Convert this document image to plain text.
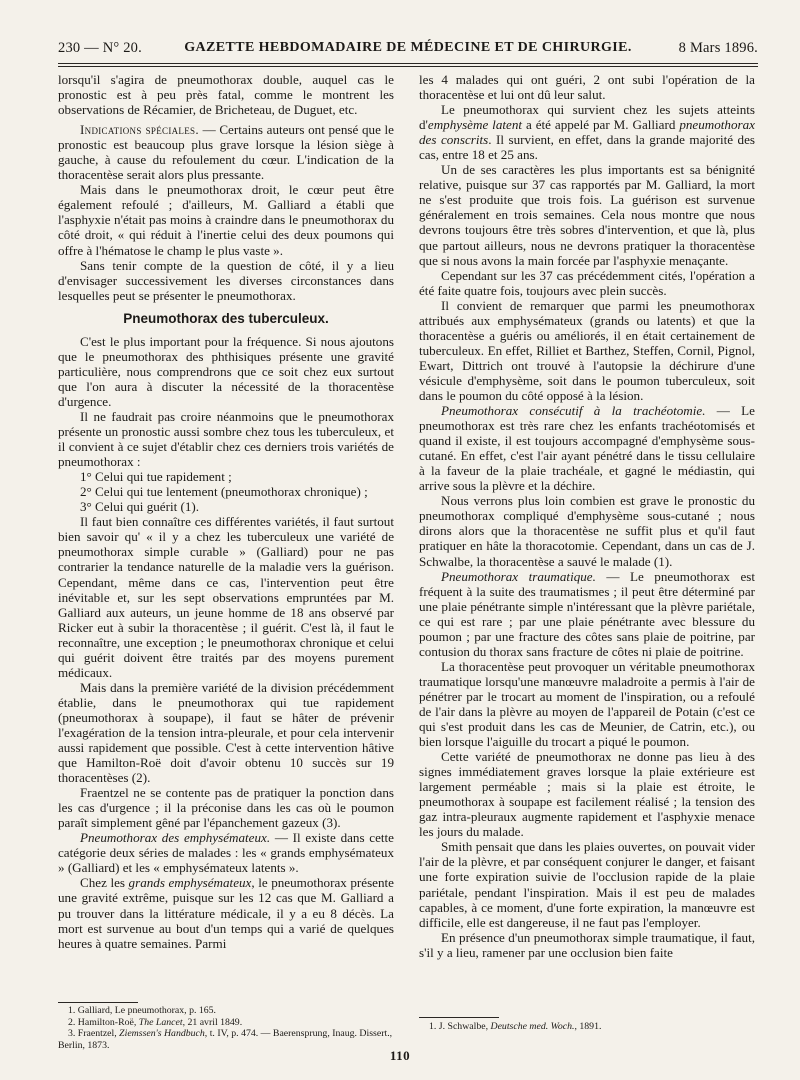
230 — N° 20.	GAZETTE HEBDOMADAIRE DE MÉDECINE ET DE CHIRURGIE.	8 Mars 1896.

lorsqu'il s'agira de pneumothorax double, auquel cas le pronostic est à peu près fatal, comme le montrent les observations de Récamier, de Bricheteau, de Duguet, etc.

Indications spéciales. — Certains auteurs ont pensé que le pronostic est beaucoup plus grave lorsque la lésion siège à gauche, à cause du refoulement du cœur. L'indication de la thoracentèse serait alors plus pressante.

Mais dans le pneumothorax droit, le cœur peut être également refoulé ; d'ailleurs, M. Galliard a établi que l'asphyxie n'était pas moins à craindre dans le pneumothorax du côté droit, « qui réduit à l'inertie celui des deux poumons qui offre à l'hématose le champ le plus vaste ».

Sans tenir compte de la question de côté, il y a lieu d'envisager successivement les diverses circonstances dans lesquelles peut se présenter le pneumothorax.

Pneumothorax des tuberculeux.

C'est le plus important pour la fréquence. Si nous ajoutons que le pneumothorax des phthisiques présente une gravité particulière, nous comprendrons que ce soit chez eux surtout que l'on aura à discuter la nécessité de la thoracentèse d'urgence.

Il ne faudrait pas croire néanmoins que le pneumothorax présente un pronostic aussi sombre chez tous les tuberculeux, et il convient à ce sujet d'établir chez ces derniers trois variétés de pneumothorax :

1° Celui qui tue rapidement ;

2° Celui qui tue lentement (pneumothorax chronique) ;

3° Celui qui guérit (1).

Il faut bien connaître ces différentes variétés, il faut surtout bien savoir qu' « il y a chez les tuberculeux une variété de pneumothorax simple curable » (Galliard) pour ne pas contrarier la tendance naturelle de la maladie vers la guérison. Cependant, même dans ce cas, l'intervention peut être inévitable et, sur les sept observations empruntées par M. Galliard aux auteurs, un jeune homme de 18 ans observé par Ricker eut à subir la thoracentèse ; il guérit. C'est là, il faut le reconnaître, une exception ; le pneumothorax chronique et celui qui guérit doivent être traités par des moyens purement médicaux.

Mais dans la première variété de la division précédemment établie, dans le pneumothorax qui tue rapidement (pneumothorax à soupape), il faut se hâter de prévenir l'exagération de la tension intra-pleurale, et pour cela intervenir aussi rapidement que possible. C'est à cette intervention hâtive que Hamilton-Roë doit d'avoir obtenu 10 succès sur 19 thoracentèses (2).

Fraentzel ne se contente pas de pratiquer la ponction dans les cas d'urgence ; il la préconise dans les cas où le poumon paraît simplement gêné par l'épanchement gazeux (3).

Pneumothorax des emphysémateux. — Il existe dans cette catégorie deux séries de malades : les « grands emphysémateux » (Galliard) et les « emphysémateux latents ».

Chez les grands emphysémateux, le pneumothorax présente une gravité extrême, puisque sur les 12 cas que M. Galliard a pu trouver dans la littérature médicale, il y a eu 8 décès. La mort est survenue au bout d'un temps qui a varié de quelques heures à quatre semaines. Parmi

1. Galliard, Le pneumothorax, p. 165.
2. Hamilton-Roë, The Lancet, 21 avril 1849.
3. Fraentzel, Ziemssen's Handbuch, t. IV, p. 474. — Baerensprung, Inaug. Dissert., Berlin, 1873.

les 4 malades qui ont guéri, 2 ont subi l'opération de la thoracentèse et lui ont dû leur salut.

Le pneumothorax qui survient chez les sujets atteints d'emphysème latent a été appelé par M. Galliard pneumothorax des conscrits. Il survient, en effet, dans la grande majorité des cas, entre 18 et 25 ans.

Un de ses caractères les plus importants est sa bénignité relative, puisque sur 37 cas rapportés par M. Galliard, la mort ne s'est produite que trois fois. La guérison est survenue généralement en trois semaines. Cela nous montre que nous devrons toujours être très sobres d'intervention, et que là, plus que partout ailleurs, nous ne devrons pratiquer la thoracentèse que si nous avons la main forcée par l'asphyxie menaçante.

Cependant sur les 37 cas précédemment cités, l'opération a été faite quatre fois, toujours avec plein succès.

Il convient de remarquer que parmi les pneumothorax attribués aux emphysémateux (grands ou latents) et que la thoracentèse a guéris ou améliorés, il en était certainement de tuberculeux. En effet, Rilliet et Barthez, Steffen, Cornil, Pignol, Ewart, Dittrich ont trouvé à l'autopsie la déchirure d'une vésicule d'emphysème, soit dans le poumon tuberculeux, soit dans le poumon du côté opposé à la lésion.

Pneumothorax consécutif à la trachéotomie. — Le pneumothorax est très rare chez les enfants trachéotomisés et quand il existe, il est toujours accompagné d'emphysème sous-cutané. En effet, c'est l'air ayant pénétré dans le tissu cellulaire à la faveur de la plaie trachéale, et gagné le médiastin, qui arrive sous la plèvre et la déchire.

Nous verrons plus loin combien est grave le pronostic du pneumothorax compliqué d'emphysème sous-cutané ; nous dirons alors que la thoracentèse ne suffit plus et qu'il faut pratiquer en hâte la thoracotomie. Cependant, dans un cas de J. Schwalbe, la thoracentèse a sauvé le malade (1).

Pneumothorax traumatique. — Le pneumothorax est fréquent à la suite des traumatismes ; il peut être déterminé par une plaie pénétrante simple n'intéressant que la plèvre pariétale, ce qui est rare ; par une plaie pénétrante avec blessure du poumon ; par une fracture des côtes sans plaie de poitrine, par contusion du thorax sans fracture de côtes ni plaie de poitrine.

La thoracentèse peut provoquer un véritable pneumothorax traumatique lorsqu'une manœuvre maladroite a permis à l'air de pénétrer par le trocart au moment de l'inspiration, ou a refoulé de l'air dans la plèvre au moyen de l'appareil de Potain (c'est ce qui s'est produit dans les cas de Meunier, de Catrin, etc.), ou bien lorsque l'aiguille du trocart a piqué le poumon.

Cette variété de pneumothorax ne donne pas lieu à des signes immédiatement graves lorsque la plaie extérieure est largement perméable ; mais si la plaie est étroite, le pneumothorax à soupape est facilement réalisé ; la tension des gaz intra-pleuraux augmente rapidement et l'asphyxie menace les jours du malade.

Smith pensait que dans les plaies ouvertes, on pouvait vider l'air de la plèvre, et par conséquent conjurer le danger, et faisant une forte expiration suivie de l'occlusion rapide de la plaie pariétale, pendant l'inspiration. Mais il est peu de malades capables, à ce moment, d'une forte expiration, la manœuvre est difficile, elle est dangereuse, il ne faut pas l'employer.

En présence d'un pneumothorax simple traumatique, il faut, s'il y a lieu, ramener par une occlusion bien faite

1. J. Schwalbe, Deutsche med. Woch., 1891.
110
